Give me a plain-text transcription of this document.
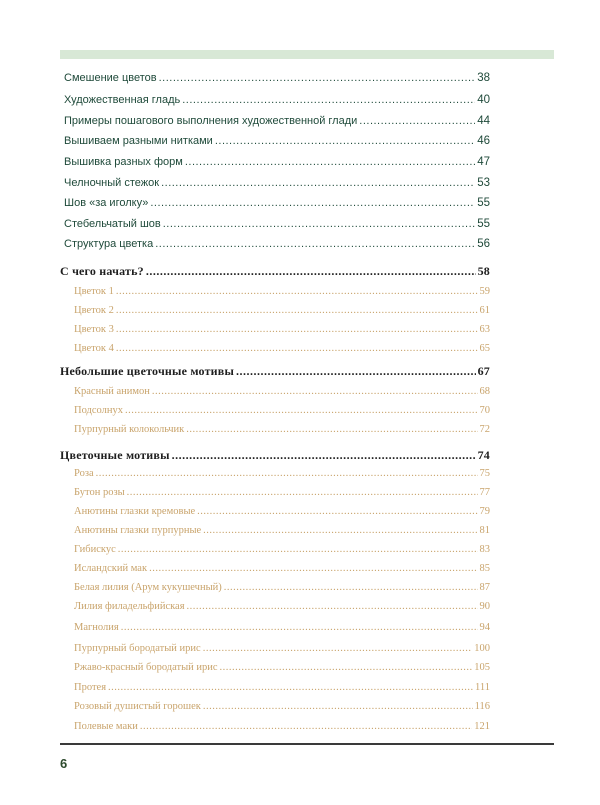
Смешение цветов .....	38
Художественная гладь .....	40
Примеры пошагового выполнения художественной глади .....	44
Вышиваем разными нитками .....	46
Вышивка разных форм .....	47
Челночный стежок .....	53
Шов «за иголку» .....	55
Стебельчатый шов .....	55
Структура цветка .....	56
С чего начать? .....	58
Цветок 1 .....	59
Цветок 2 .....	61
Цветок 3 .....	63
Цветок 4 .....	65
Небольшие цветочные мотивы .....	67
Красный анимон .....	68
Подсолнух .....	70
Пурпурный колокольчик .....	72
Цветочные мотивы .....	74
Роза .....	75
Бутон розы .....	77
Анютины глазки кремовые .....	79
Анютины глазки пурпурные .....	81
Гибискус .....	83
Исландский мак .....	85
Белая лилия (Арум кукушечный) .....	87
Лилия филадельфийская .....	90
Магнолия .....	94
Пурпурный бородатый ирис .....	100
Ржаво-красный бородатый ирис .....	105
Протея .....	111
Розовый душистый горошек .....	116
Полевые маки .....	121
6
